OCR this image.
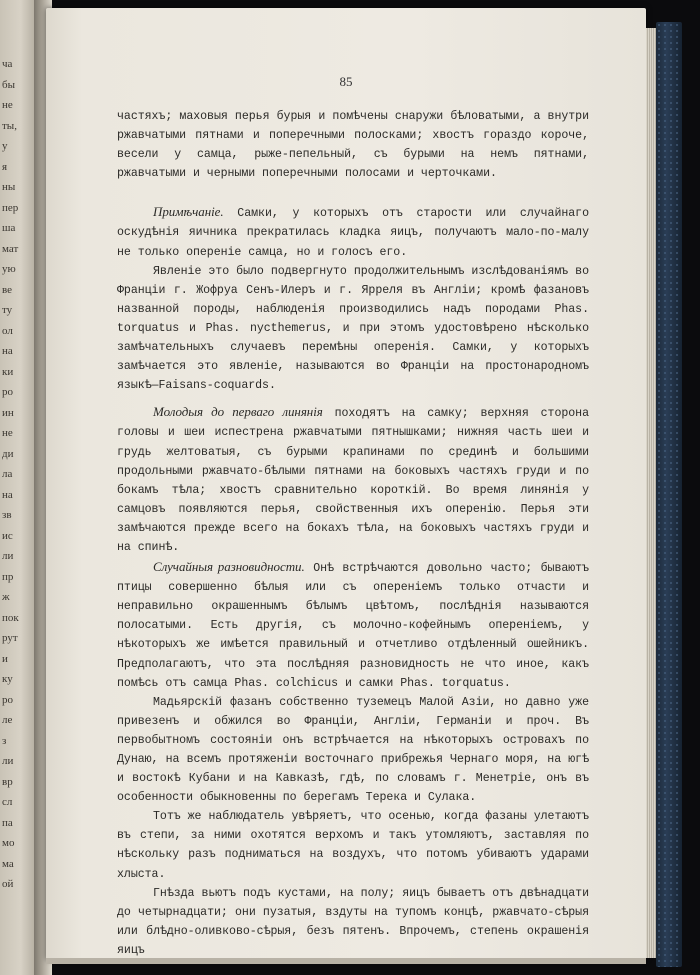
ча
бы
не
ты,
у
я
ны
пер
ша
мат
ую
ве
ту
ол
на
ки
ро
ин
не
ди
ла
на
зв
ис
ли
пр
ж
пок
рут
и
ку
ро
ле
з
ли
вр
сл
па
мо
ма
ой
85

частяхъ; маховыя перья бурыя и помѣчены снаружи бѣловатыми, а внутри ржавчатыми пятнами и поперечными полосками; хвостъ гораздо короче, весели у самца, рыже-пепельный, съ бурыми на немъ пятнами, ржавчатыми и черными поперечными полосами и черточками.

Примѣчаніе. Самки, у которыхъ отъ старости или случайнаго оскудѣнія яичника прекратилась кладка яицъ, получаютъ мало-по-малу не только опереніе самца, но и голосъ его.

Явленіе это было подвергнуто продолжительнымъ изслѣдованіямъ во Франціи г. Жофруа Сенъ-Илеръ и г. Ярреля въ Англіи; кромѣ фазановъ названной породы, наблюденія производились надъ породами Phas. torquatus и Phas. nycthemerus, и при этомъ удостовѣрено нѣсколько замѣчательныхъ случаевъ перемѣны оперенія. Самки, у которыхъ замѣчается это явленіе, называются во Франціи на простонародномъ языкѣ—Faisans-coquards.

Молодыя до перваго линянія походятъ на самку; верхняя сторона головы и шеи испестрена ржавчатыми пятнышками; нижняя часть шеи и грудь желтоватыя, съ бурыми крапинами по срединѣ и большими продольными ржавчато-бѣлыми пятнами на боковыхъ частяхъ груди и по бокамъ тѣла; хвостъ сравнительно короткій. Во время линянія у самцовъ появляются перья, свойственныя ихъ оперенію. Перья эти замѣчаются прежде всего на бокахъ тѣла, на боковыхъ частяхъ груди и на спинѣ.

Случайныя разновидности. Онѣ встрѣчаются довольно часто; бываютъ птицы совершенно бѣлыя или съ опереніемъ только отчасти и неправильно окрашеннымъ бѣлымъ цвѣтомъ, послѣднія называются полосатыми. Есть другія, съ молочно-кофейнымъ опереніемъ, у нѣкоторыхъ же имѣется правильный и отчетливо отдѣленный ошейникъ. Предполагаютъ, что эта послѣдняя разновидность не что иное, какъ помѣсь отъ самца Phas. colchicus и самки Phas. torquatus.

Мадьярскій фазанъ собственно туземецъ Малой Азіи, но давно уже привезенъ и обжился во Франціи, Англіи, Германіи и проч. Въ первобытномъ состояніи онъ встрѣчается на нѣкоторыхъ островахъ по Дунаю, на всемъ протяженіи восточнаго прибрежья Чернаго моря, на югѣ и востокѣ Кубани и на Кавказѣ, гдѣ, по словамъ г. Менетріе, онъ въ особенности обыкновенны по берегамъ Терека и Сулака.

Тотъ же наблюдатель увѣряетъ, что осенью, когда фазаны улетаютъ въ степи, за ними охотятся верхомъ и такъ утомляютъ, заставляя по нѣскольку разъ подниматься на воздухъ, что потомъ убиваютъ ударами хлыста.

Гнѣзда вьютъ подъ кустами, на полу; яицъ бываетъ отъ двѣнадцати до четырнадцати; они пузатыя, вздуты на тупомъ концѣ, ржавчато-сѣрыя или блѣдно-оливково-сѣрыя, безъ пятенъ. Впрочемъ, степень окрашенія яицъ
